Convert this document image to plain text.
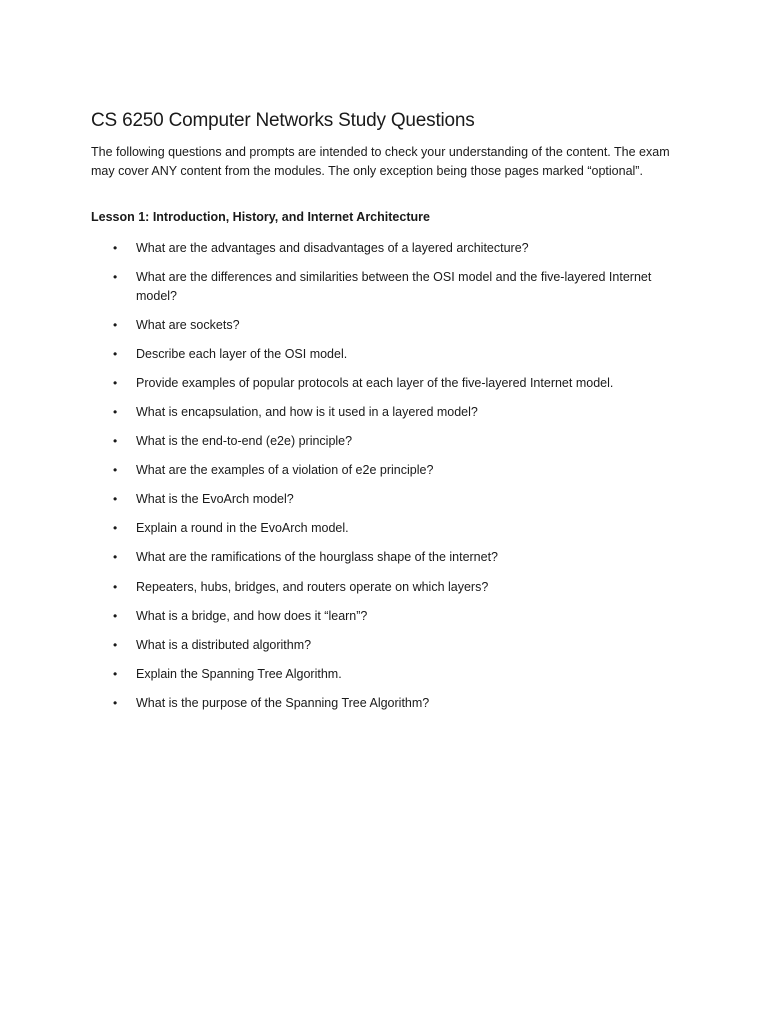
CS 6250 Computer Networks Study Questions

The following questions and prompts are intended to check your understanding of the content. The exam may cover ANY content from the modules. The only exception being those pages marked “optional”.

Lesson 1: Introduction, History, and Internet Architecture

• What are the advantages and disadvantages of a layered architecture?
• What are the differences and similarities between the OSI model and the five-layered Internet model?
• What are sockets?
• Describe each layer of the OSI model.
• Provide examples of popular protocols at each layer of the five-layered Internet model.
• What is encapsulation, and how is it used in a layered model?
• What is the end-to-end (e2e) principle?
• What are the examples of a violation of e2e principle?
• What is the EvoArch model?
• Explain a round in the EvoArch model.
• What are the ramifications of the hourglass shape of the internet?
• Repeaters, hubs, bridges, and routers operate on which layers?
• What is a bridge, and how does it “learn”?
• What is a distributed algorithm?
• Explain the Spanning Tree Algorithm.
• What is the purpose of the Spanning Tree Algorithm?
